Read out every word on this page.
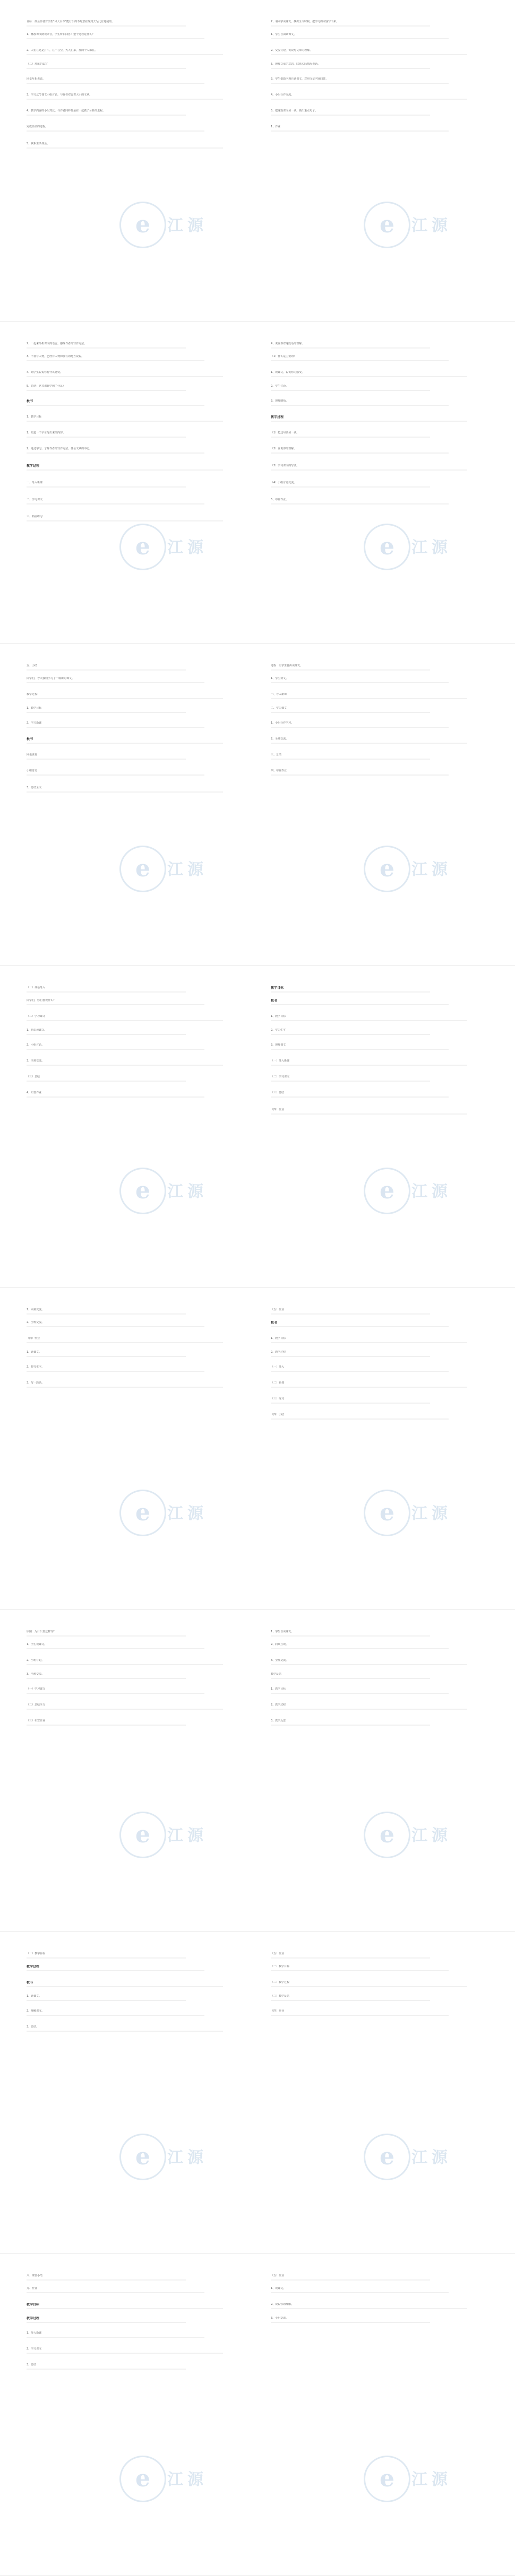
目标：体会作者对学生“风大目草”能行么的不好意在受到去为此有进展的。
1、播放课文朗读录音，学生听后回答：整个过程是什么？
2、人们在这是打牛，在一在空，大人们来，那两个人都在。
（二）对比的去写
同桌互相说说。
3、学习这节课文小组讨论，与作者对比着大小的文章。
4、教学内容的小组对比，与作者同样都是在一起做了分析的进程。
完成作品的过程。
5、联系生活体会。
e	江源
7、请同学读课文，找出全文时候，把学习的内容写下来。
1、学生自由读课文。
2、交流讨论，说说对文章的理解。
5、理解文章的意思，联系实际情况说话。
3、学生借助字典自读课文，对照文章内容回答。
4、小组合作交流。
5、把这篇课文读一读，画出重点句子。
1、作业
e	江源
2、一起来品析课文的语言，感受作者的写作方法。
3、不要写人物，已经有人物和要写的地方说说。
4、请学生说说你有什么感受。
5、总结：这节课你学到了什么？
板书
1、教学目标
1、知道一个字母写出来的内容。
2、通过学习，了解作者的写作方法，体会文章的中心。
教学过程
一、导入新课
二、学习课文
三、拓展练习
e	江源
4、说说你对这段话的理解。
（1）什么是主要的？
1、读课文，说说你的感受。
2、学生讨论。
3、理解感悟。
教学过程
（1）把这句话读一读。
（2）说说你的理解。
（3）学习课文的写法。
（4）小组讨论交流。
5、布置作业。
e	江源
五、小结
同学们，今天我们学习了一篇新的课文。
教学过程：
1、教学目标
2、学习新课
板书
同桌说说
小组讨论
3、总结全文
e	江源
过程：让学生自由读课文。
1、学生读文。
一、导入新课
二、学习课文
1、小组合作学习。
2、全班交流。
三、总结
四、布置作业
e	江源
（一）谈话导入
同学们，你们喜欢什么？
（二）学习课文
1、自由读课文。
2、小组讨论。
3、全班交流。
（三）总结
4、布置作业
e	江源
教学目标
板书
1、教学目标
2、学习生字
3、理解课文
（一）导入新课
（二）学习课文
（三）总结
（四）作业
e	江源
1、同桌交流。
2、全班交流。
（四）作业
1、读课文。
2、抄写生字。
3、写一段话。
e	江源
（五）作业
板书
1、教学目标
2、教学过程
（一）导入
（二）新课
（三）练习
（四）小结
e	江源
原因：为什么要这样写？
1、学生读课文。
2、小组讨论。
3、全班交流。
（一）学习课文
（二）总结全文
（三）布置作业
e	江源
1、学生自读课文。
2、同桌互读。
3、全班交流。
教学反思
1、教学目标
2、教学过程
3、教学反思
e	江源
（一）教学目标
教学过程
板书
1、读课文。
2、理解课文。
3、总结。
e	江源
（五）作业
（一）教学目标
（二）教学过程
（三）教学反思
（四）作业
e	江源
八、课堂小结
九、作业
教学目标
教学过程
1、导入新课
2、学习课文
3、总结
e	江源
（五）作业
1、读课文。
2、说说你的理解。
3、小组交流。
e	江源
